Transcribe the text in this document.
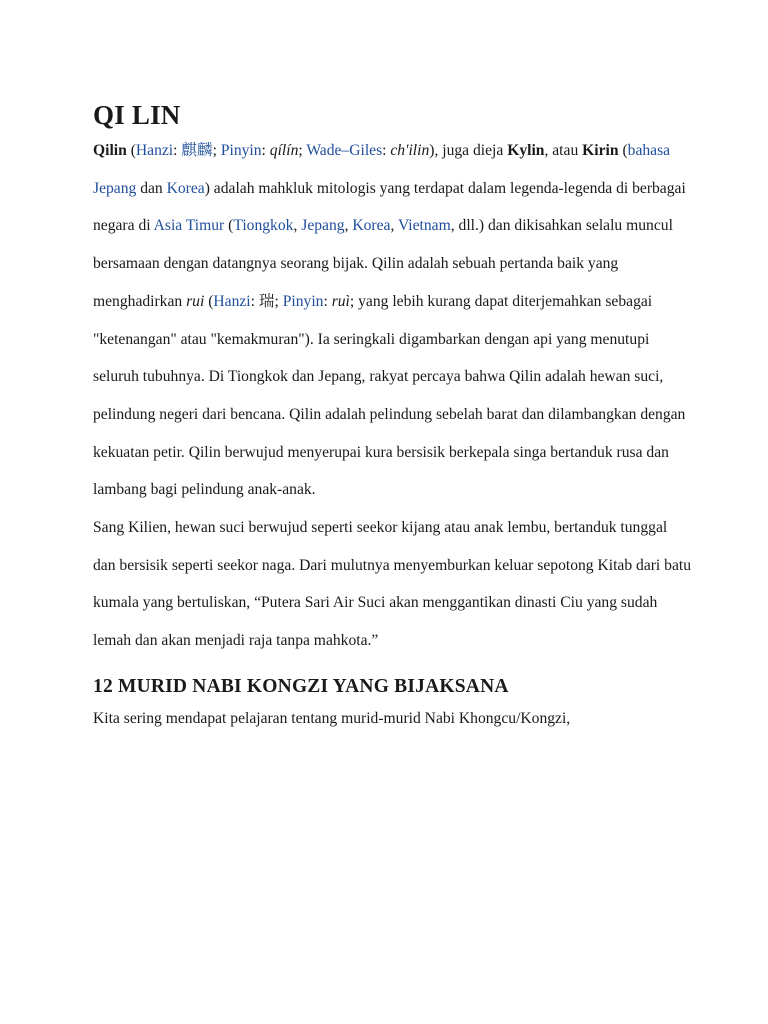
QI LIN

Qilin (Hanzi: 麒麟; Pinyin: qílín; Wade–Giles: ch'ilin), juga dieja Kylin, atau Kirin (bahasa Jepang dan Korea) adalah mahkluk mitologis yang terdapat dalam legenda-legenda di berbagai negara di Asia Timur (Tiongkok, Jepang, Korea, Vietnam, dll.) dan dikisahkan selalu muncul bersamaan dengan datangnya seorang bijak. Qilin adalah sebuah pertanda baik yang menghadirkan rui (Hanzi: 瑞; Pinyin: ruì; yang lebih kurang dapat diterjemahkan sebagai "ketenangan" atau "kemakmuran"). Ia seringkali digambarkan dengan api yang menutupi seluruh tubuhnya. Di Tiongkok dan Jepang, rakyat percaya bahwa Qilin adalah hewan suci, pelindung negeri dari bencana. Qilin adalah pelindung sebelah barat dan dilambangkan dengan kekuatan petir. Qilin berwujud menyerupai kura bersisik berkepala singa bertanduk rusa dan lambang bagi pelindung anak-anak.

Sang Kilien, hewan suci berwujud seperti seekor kijang atau anak lembu, bertanduk tunggal dan bersisik seperti seekor naga. Dari mulutnya menyemburkan keluar sepotong Kitab dari batu kumala yang bertuliskan, “Putera Sari Air Suci akan menggantikan dinasti Ciu yang sudah lemah dan akan menjadi raja tanpa mahkota.”

12 MURID NABI KONGZI YANG BIJAKSANA

Kita sering mendapat pelajaran tentang murid-murid Nabi Khongcu/Kongzi,
